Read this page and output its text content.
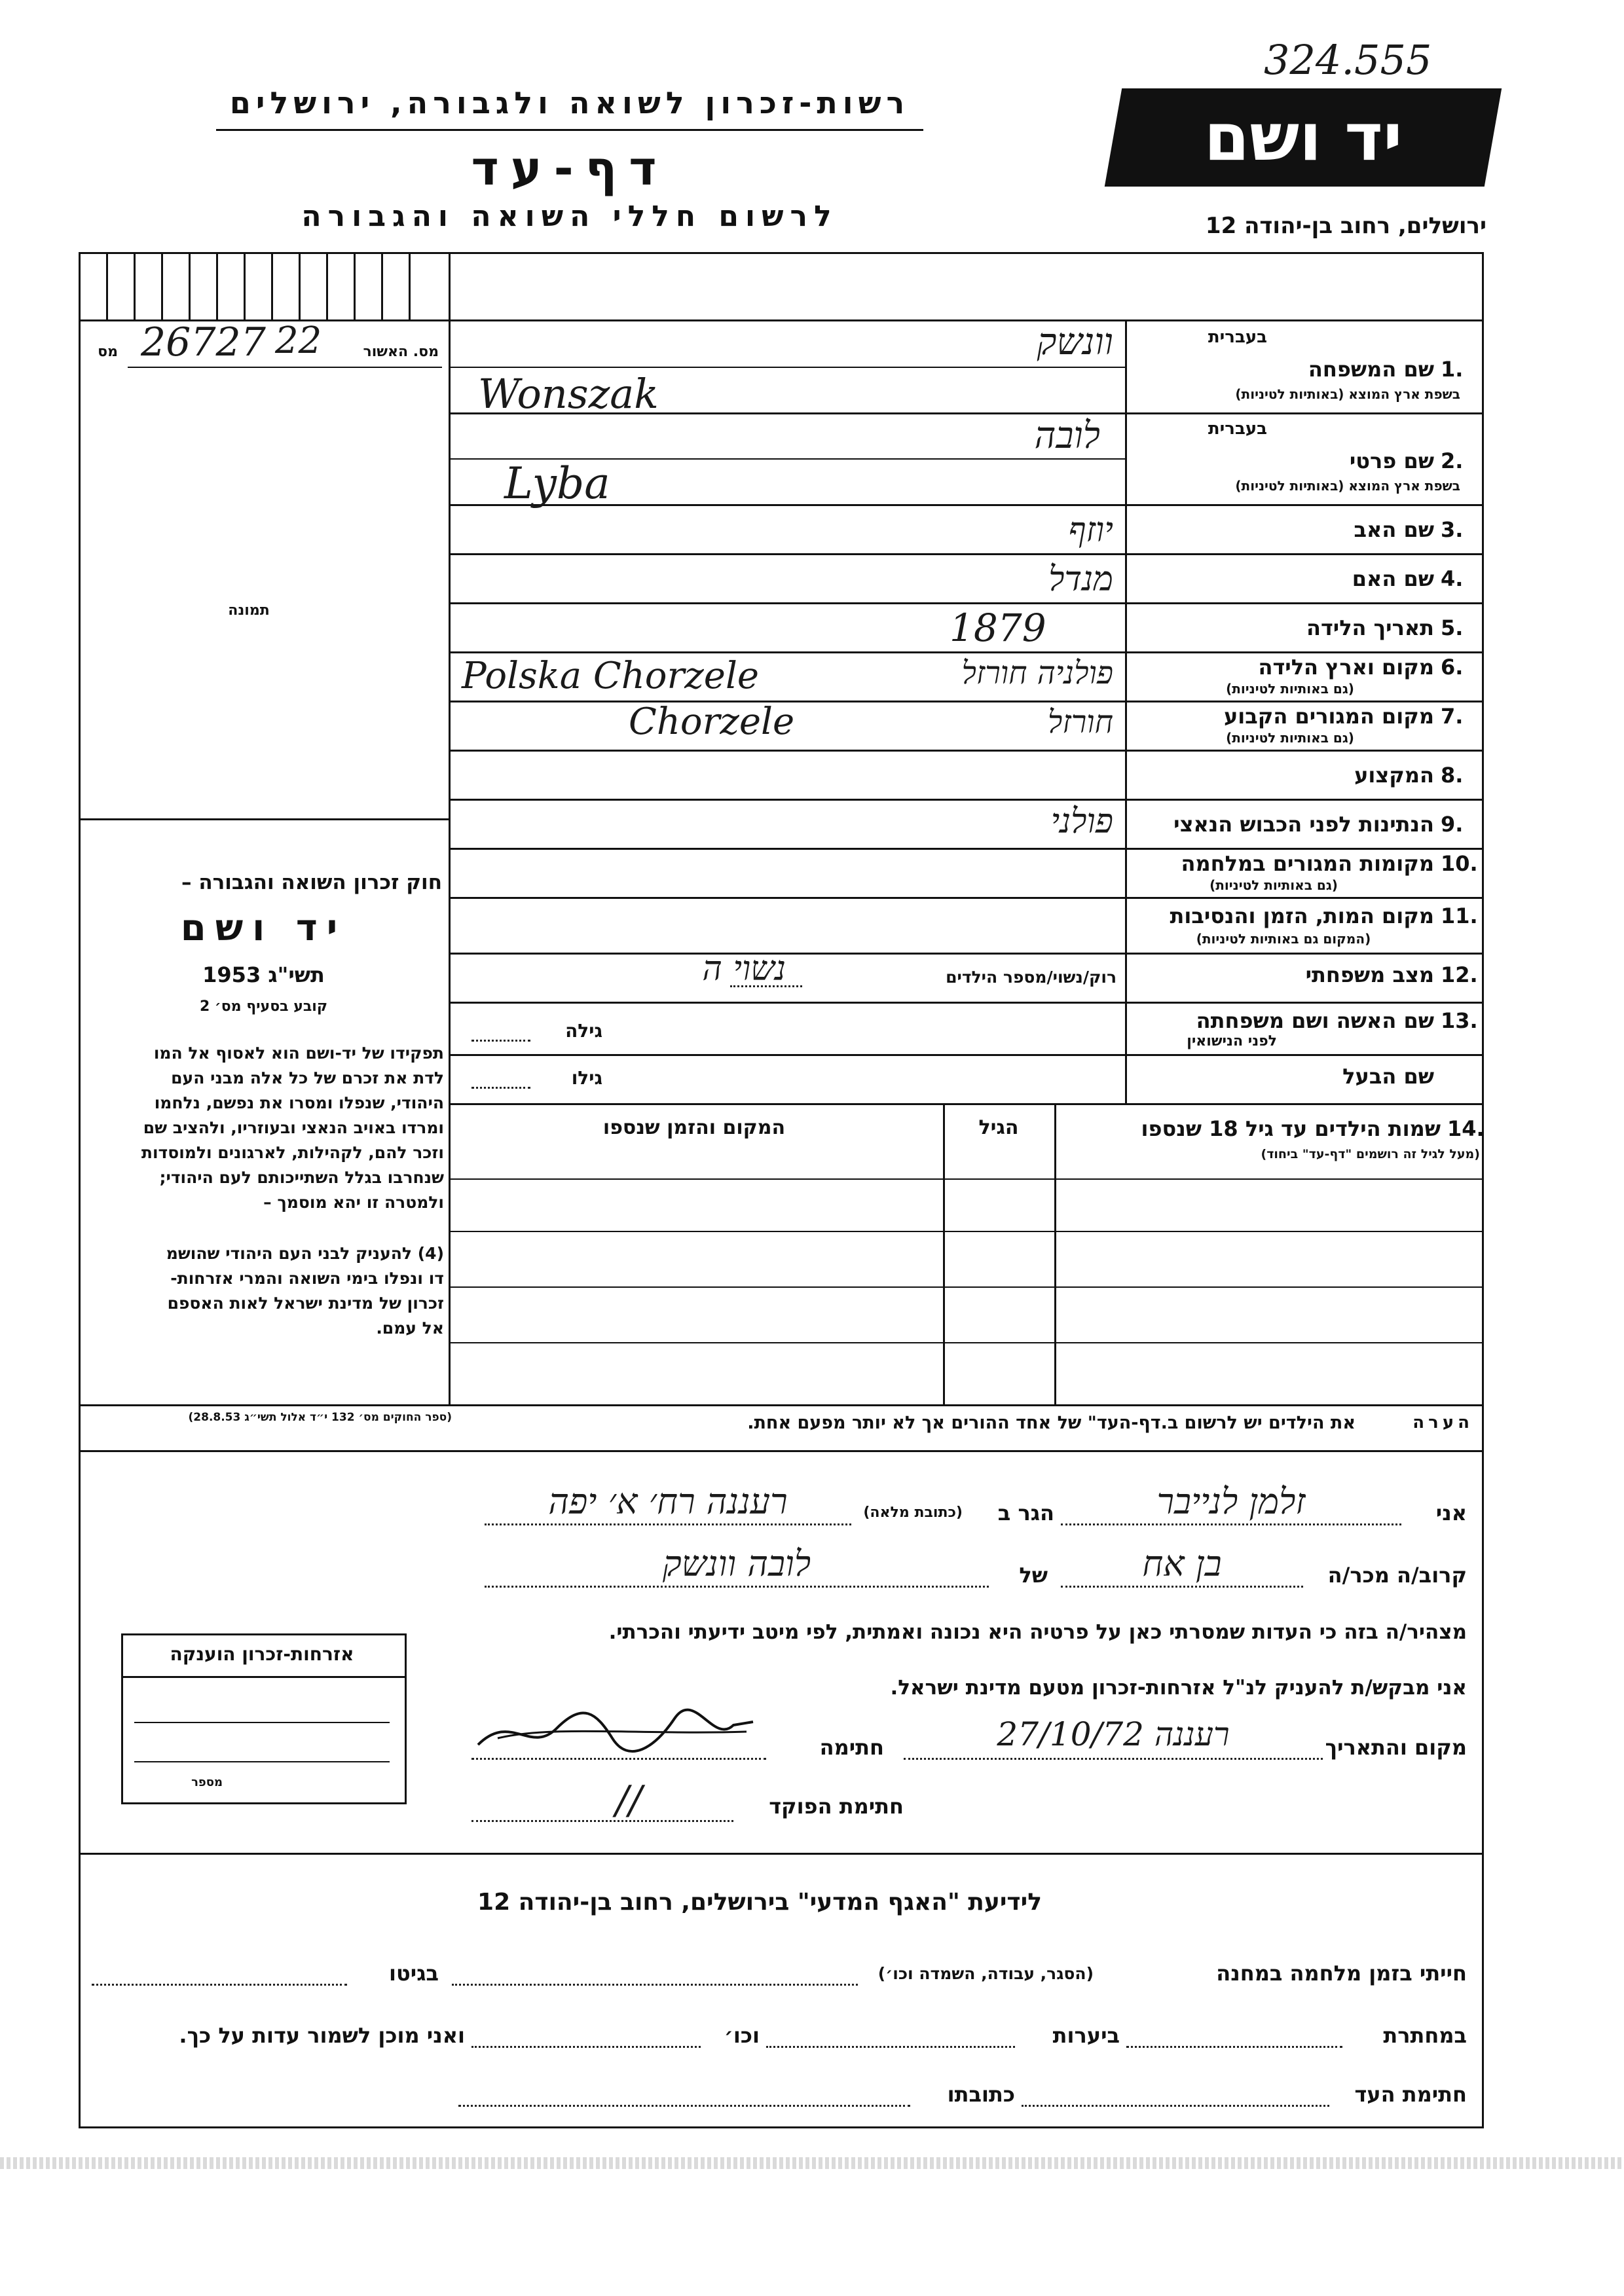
324.555
יד ושם
רשות-זכרון לשואה ולגבורה, ירושלים
דף-עד
לרשום חללי השואה והגבורה	ירושלים, רחוב בן-יהודה 12
מס. האשור
מס 26727 22
תמונה
חוק זכרון השואה והגבורה –
יד ושם
תשי"ג 1953
קובע בסעיף מס׳ 2
תפקידו של יד-ושם הוא לאסוף אל המו
לדת את זכרם של כל אלה מבני העם
היהודי, שנפלו ומסרו את נפשם, נלחמו
ומרדו באויב הנאצי ובעוזריו, ולהציב שם
וזכר להם, לקהילות, לארגונים ולמוסדות
שנחרבו בגלל השתייכותם לעם היהודי;
ולמטרה זו יהא מוסמך –
(4) להעניק לבני העם היהודי שהושמ
דו ונפלו בימי השואה והמרי אזרחות-
זכרון של מדינת ישראל לאות האספם
אל עמם.
(ספר החוקים מס׳ 132 י״ד אלול תשי״ג 28.8.53)
בעברית
1.
שם המשפחה
בשפת ארץ המוצא (באותיות לטיניות)
וונשק
Wonszak
בעברית
2.
שם פרטי
בשפת ארץ המוצא (באותיות לטיניות)
לובה
Lyba
3.
שם האב
יוזף
4.
שם האם
מנדל
5.
תאריך הלידה
1879
6.
מקום וארץ הלידה
(גם באותיות לטיניות)
פולניה חורזל
Polska Chorzele
7.
מקום המגורים הקבוע
(גם באותיות לטיניות)
חורזל
Chorzele
8.
המקצוע
9.
הנתינות לפני הכבוש הנאצי
פולני
10.
מקומות המגורים במלחמה
(גם באותיות לטיניות)
11.
מקום המות, הזמן והנסיבות
(המקום גם באותיות לטיניות)
12.
מצב משפחתי
רוק/נשוי/מספר הילדים
נשוי ה
13.
שם האשה ושם משפחתה
לפני הנישואין
גילה
שם הבעל
גילו
14.
שמות הילדים עד גיל 18 שנספו
(מעל לגיל זה רושמים "דף-עד" ביחוד)
הגיל
המקום והזמן שנספו
הערה
את הילדים יש לרשום ב.דף-העד" של אחד ההורים אך לא יותר מפעם אחת.
אני
זלמן לנייבר
הגר ב
(כתובת מלאה)
רעננה רח׳ א׳ יפה
קרוב/ה מכר/ה
בן אח
של
לובה וונשק
מצהיר/ה בזה כי העדות שמסרתי כאן על פרטיה היא נכונה ואמתית, לפי מיטב ידיעתי והכרתי.
אני מבקש/ת להעניק לנ"ל אזרחות-זכרון מטעם מדינת ישראל.
מקום והתאריך
רעננה 27/10/72
חתימה
חתימת הפוקד
//
אזרחות-זכרון הוענקה
מספר
לידיעת "האגף המדעי" בירושלים, רחוב בן-יהודה 12
חייתי בזמן מלחמה במחנה
(הסגר, עבודה, השמדה וכו׳)
בגיטו
במחתרת
ביערות
וכו׳
ואני מוכן לשמור עדות על כך.
חתימת העד
כתובתו
